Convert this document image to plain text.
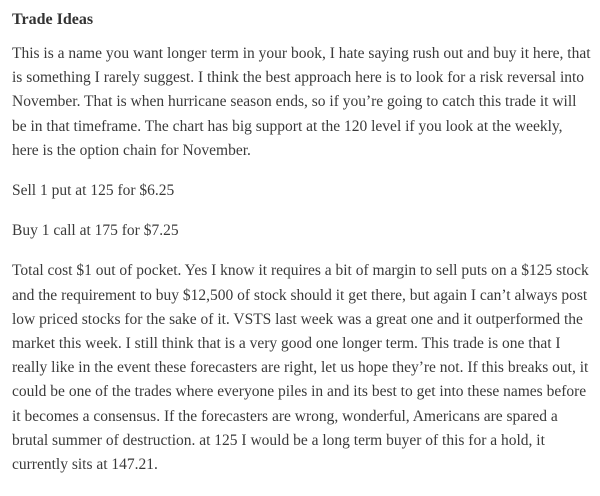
Trade Ideas

This is a name you want longer term in your book, I hate saying rush out and buy it here, that is something I rarely suggest. I think the best approach here is to look for a risk reversal into November. That is when hurricane season ends, so if you’re going to catch this trade it will be in that timeframe. The chart has big support at the 120 level if you look at the weekly, here is the option chain for November.

Sell 1 put at 125 for $6.25

Buy 1 call at 175 for $7.25

Total cost $1 out of pocket. Yes I know it requires a bit of margin to sell puts on a $125 stock and the requirement to buy $12,500 of stock should it get there, but again I can’t always post low priced stocks for the sake of it. VSTS last week was a great one and it outperformed the market this week. I still think that is a very good one longer term. This trade is one that I really like in the event these forecasters are right, let us hope they’re not. If this breaks out, it could be one of the trades where everyone piles in and its best to get into these names before it becomes a consensus. If the forecasters are wrong, wonderful, Americans are spared a brutal summer of destruction. at 125 I would be a long term buyer of this for a hold, it currently sits at 147.21.
